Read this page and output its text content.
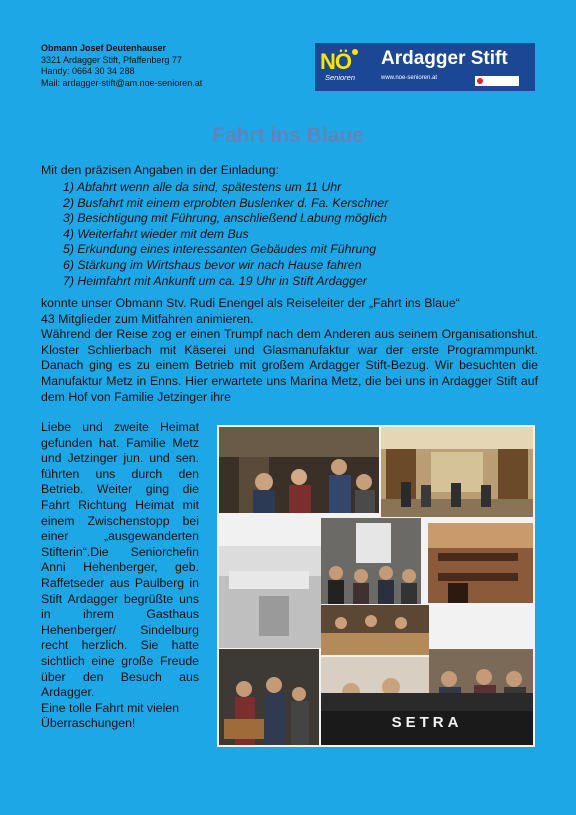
Obmann Josef Deutenhauser
3321 Ardagger Stift, Pfaffenberg 77
Handy: 0664 30 34 288
Mail: ardagger-stift@am.noe-senioren.at
NÖ
Senioren
Ardagger Stift
www.noe-senioren.at
Fahrt ins Blaue
Mit den präzisen Angaben in der Einladung:
1) Abfahrt wenn alle da sind, spätestens um 11 Uhr
2) Busfahrt mit einem erprobten Buslenker d. Fa. Kerschner
3) Besichtigung mit Führung, anschließend Labung möglich
4) Weiterfahrt wieder mit dem Bus
5) Erkundung eines interessanten Gebäudes mit Führung
6) Stärkung im Wirtshaus bevor wir nach Hause fahren
7) Heimfahrt mit Ankunft um ca. 19 Uhr in Stift Ardagger
konnte unser Obmann Stv. Rudi Enengel als Reiseleiter der „Fahrt ins Blaue“
43 Mitglieder zum Mitfahren animieren.
Während der Reise zog er einen Trumpf nach dem Anderen aus seinem Organisationshut. Kloster Schlierbach mit Käserei und Glasmanufaktur war der erste Programmpunkt. Danach ging es zu einem Betrieb mit großem Ardagger Stift-Bezug. Wir besuchten die Manufaktur Metz in Enns. Hier erwartete uns Marina Metz, die bei uns in Ardagger Stift auf dem Hof von Familie Jetzinger ihre
Liebe und zweite Heimat gefunden hat. Familie Metz und Jetzinger jun. und sen. führten uns durch den Betrieb. Weiter ging die Fahrt Richtung Heimat mit einem Zwischenstopp bei einer „ausgewanderten Stifterin“.Die Seniorchefin Anni Hehenberger, geb. Raffetseder aus Paulberg in Stift Ardagger begrüßte uns in ihrem Gasthaus Hehenberger/ Sindelburg recht herzlich. Sie hatte sichtlich eine große Freude über den Besuch aus Ardagger.
Eine tolle Fahrt mit vielen Überraschungen!	SETRA
